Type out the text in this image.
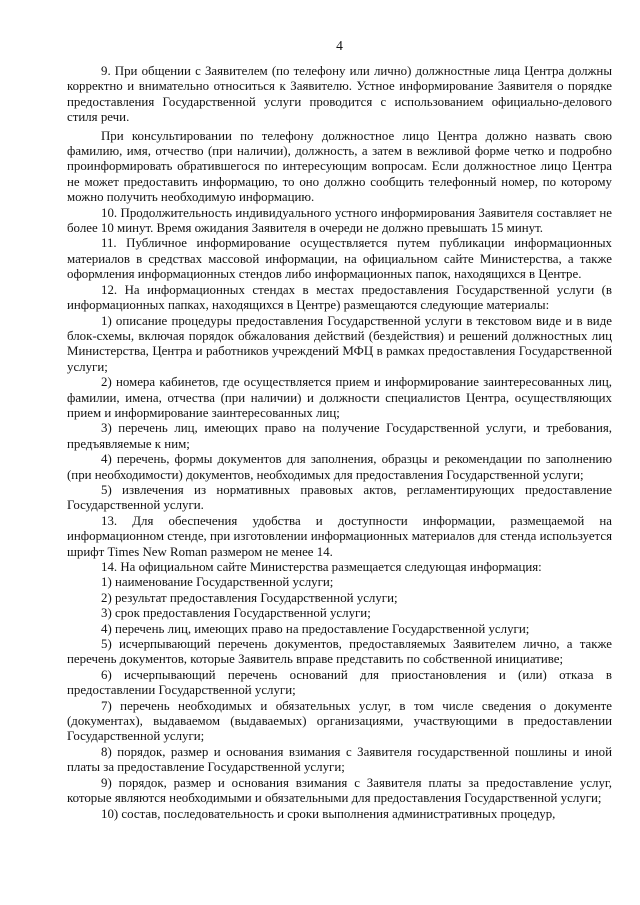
4

9. При общении с Заявителем (по телефону или лично) должностные лица Центра должны корректно и внимательно относиться к Заявителю. Устное информирование Заявителя о порядке предоставления Государственной услуги проводится с использованием официально-делового стиля речи.

При консультировании по телефону должностное лицо Центра должно назвать свою фамилию, имя, отчество (при наличии), должность, а затем в вежливой форме четко и подробно проинформировать обратившегося по интересующим вопросам. Если должностное лицо Центра не может предоставить информацию, то оно должно сообщить телефонный номер, по которому можно получить необходимую информацию.

10. Продолжительность индивидуального устного информирования Заявителя составляет не более 10 минут. Время ожидания Заявителя в очереди не должно превышать 15 минут.

11. Публичное информирование осуществляется путем публикации информационных материалов в средствах массовой информации, на официальном сайте Министерства, а также оформления информационных стендов либо информационных папок, находящихся в Центре.

12. На информационных стендах в местах предоставления Государственной услуги (в информационных папках, находящихся в Центре) размещаются следующие материалы:

1) описание процедуры предоставления Государственной услуги в текстовом виде и в виде блок-схемы, включая порядок обжалования действий (бездействия) и решений должностных лиц Министерства, Центра и работников учреждений МФЦ в рамках предоставления Государственной услуги;

2) номера кабинетов, где осуществляется прием и информирование заинтересованных лиц, фамилии, имена, отчества (при наличии) и должности специалистов Центра, осуществляющих прием и информирование заинтересованных лиц;

3) перечень лиц, имеющих право на получение Государственной услуги, и требования, предъявляемые к ним;

4) перечень, формы документов для заполнения, образцы и рекомендации по заполнению (при необходимости) документов, необходимых для предоставления Государственной услуги;

5) извлечения из нормативных правовых актов, регламентирующих предоставление Государственной услуги.

13. Для обеспечения удобства и доступности информации, размещаемой на информационном стенде, при изготовлении информационных материалов для стенда используется шрифт Times New Roman размером не менее 14.

14. На официальном сайте Министерства размещается следующая информация:

1) наименование Государственной услуги;

2) результат предоставления Государственной услуги;

3) срок предоставления Государственной услуги;

4) перечень лиц, имеющих право на предоставление Государственной услуги;

5) исчерпывающий перечень документов, предоставляемых Заявителем лично, а также перечень документов, которые Заявитель вправе представить по собственной инициативе;

6) исчерпывающий перечень оснований для приостановления и (или) отказа в предоставлении Государственной услуги;

7) перечень необходимых и обязательных услуг, в том числе сведения о документе (документах), выдаваемом (выдаваемых) организациями, участвующими в предоставлении Государственной услуги;

8) порядок, размер и основания взимания с Заявителя государственной пошлины и иной платы за предоставление Государственной услуги;

9) порядок, размер и основания взимания с Заявителя платы за предоставление услуг, которые являются необходимыми и обязательными для предоставления Государственной услуги;

10) состав, последовательность и сроки выполнения административных процедур,
